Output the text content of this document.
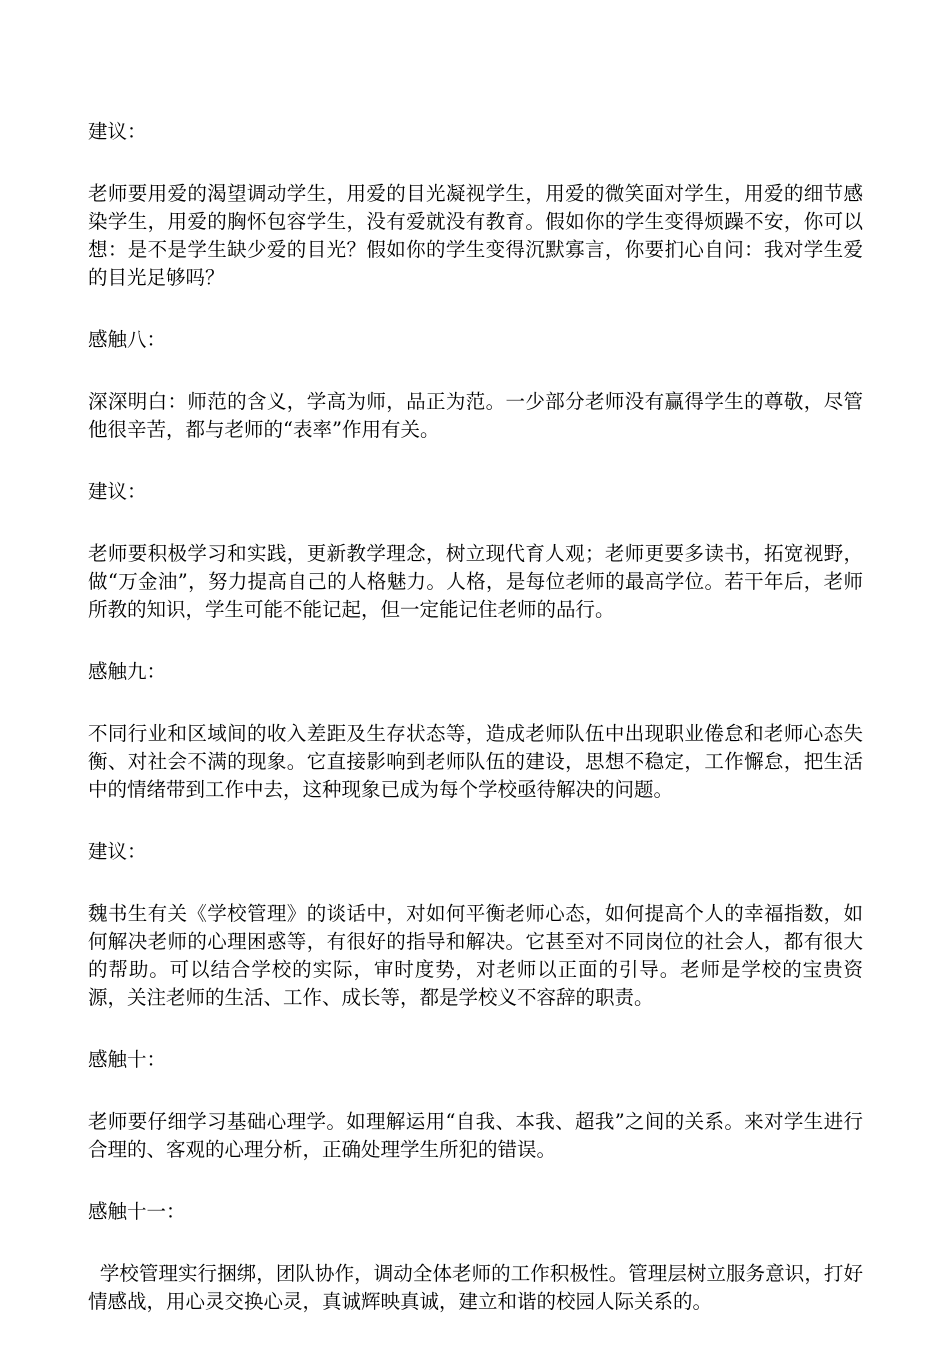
建议：

老师要用爱的渴望调动学生，用爱的目光凝视学生，用爱的微笑面对学生，用爱的细节感染学生，用爱的胸怀包容学生，没有爱就没有教育。假如你的学生变得烦躁不安，你可以想：是不是学生缺少爱的目光？假如你的学生变得沉默寡言，你要扪心自问：我对学生爱的目光足够吗？

感触八：

深深明白：师范的含义，学高为师，品正为范。一少部分老师没有赢得学生的尊敬，尽管他很辛苦，都与老师的“表率”作用有关。

建议：

老师要积极学习和实践，更新教学理念，树立现代育人观；老师更要多读书，拓宽视野，做“万金油”，努力提高自己的人格魅力。人格，是每位老师的最高学位。若干年后，老师所教的知识，学生可能不能记起，但一定能记住老师的品行。

感触九：

不同行业和区域间的收入差距及生存状态等，造成老师队伍中出现职业倦怠和老师心态失衡、对社会不满的现象。它直接影响到老师队伍的建设，思想不稳定，工作懈怠，把生活中的情绪带到工作中去，这种现象已成为每个学校亟待解决的问题。

建议：

魏书生有关《学校管理》的谈话中，对如何平衡老师心态，如何提高个人的幸福指数，如何解决老师的心理困惑等，有很好的指导和解决。它甚至对不同岗位的社会人，都有很大的帮助。可以结合学校的实际，审时度势，对老师以正面的引导。老师是学校的宝贵资源，关注老师的生活、工作、成长等，都是学校义不容辞的职责。

感触十：

老师要仔细学习基础心理学。如理解运用“自我、本我、超我”之间的关系。来对学生进行合理的、客观的心理分析，正确处理学生所犯的错误。

感触十一：

学校管理实行捆绑，团队协作，调动全体老师的工作积极性。管理层树立服务意识，打好情感战，用心灵交换心灵，真诚辉映真诚，建立和谐的校园人际关系的。
